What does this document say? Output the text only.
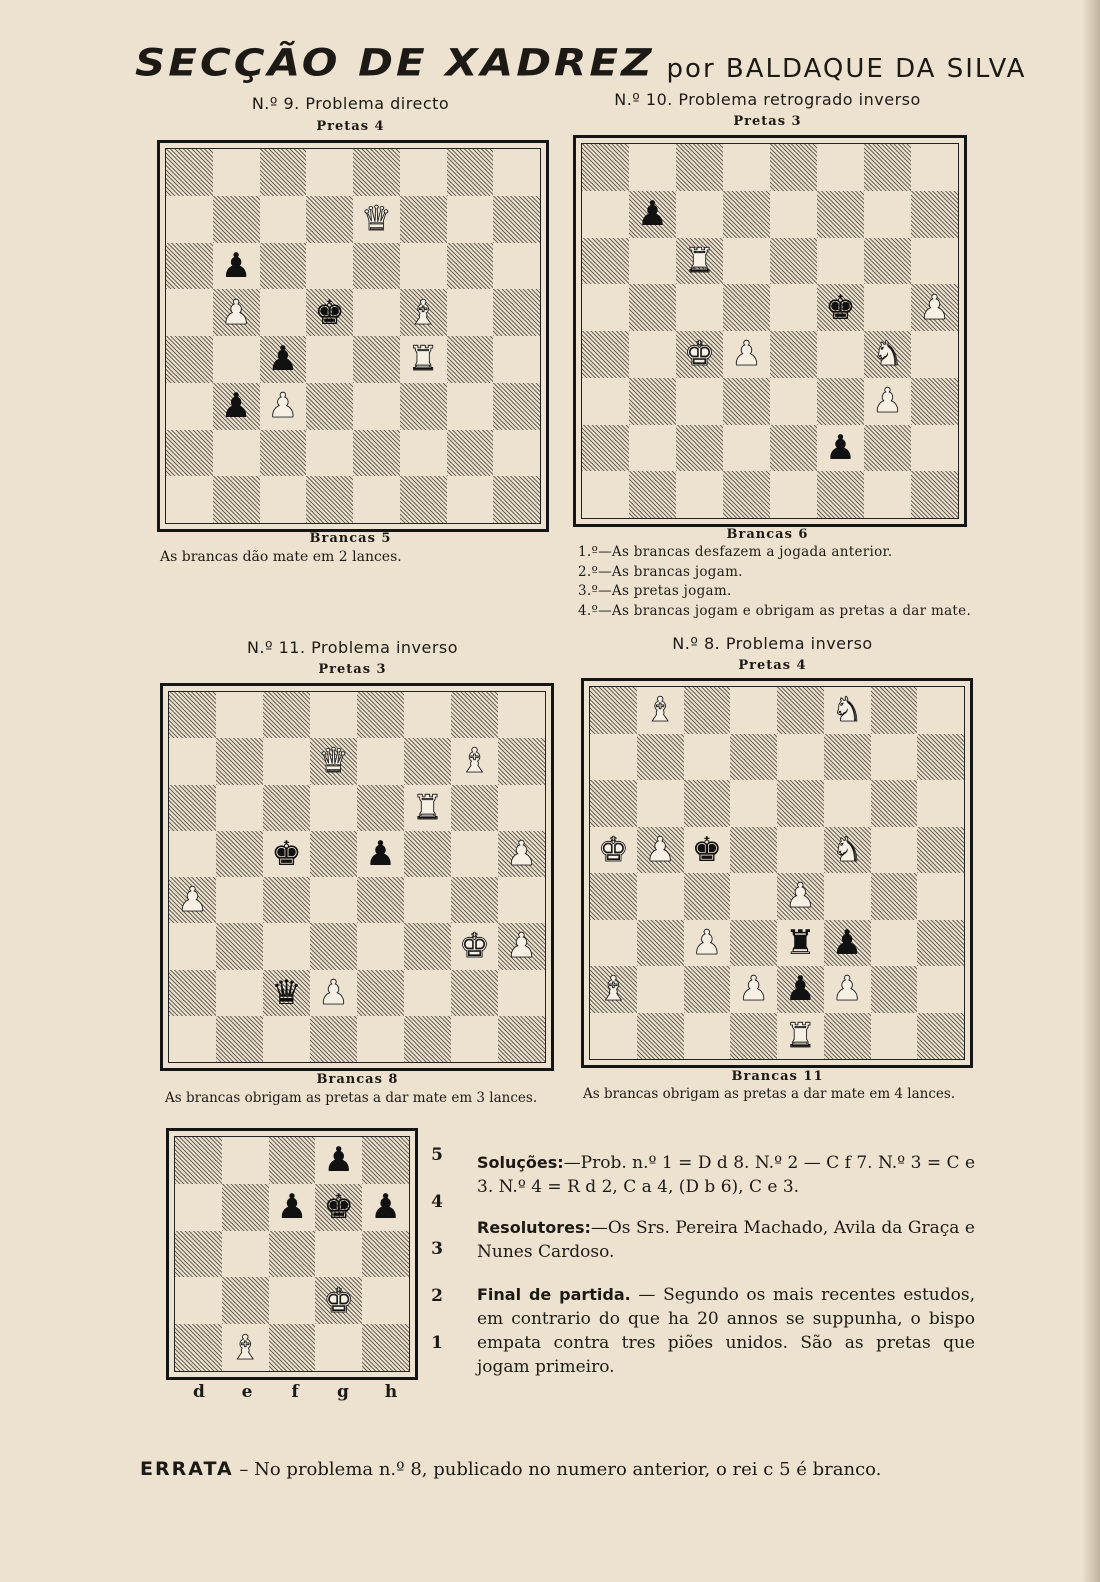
SECÇÃO DE XADREZ por BALDAQUE DA SILVA
N.º 9. Problema directo
Pretas 4
♛
♟
♟ ♚ ♝
♟	♜
♟ ♟
Brancas 5
As brancas dão mate em 2 lances.
N.º 10. Problema retrogrado inverso
Pretas 3
♟
♜
♚ ♟
♚ ♟	♞
♟
♟
Brancas 6
1.º—As brancas desfazem a jogada anterior.
2.º—As brancas jogam.
3.º—As pretas jogam.
4.º—As brancas jogam e obrigam as pretas a dar mate.
N.º 11. Problema inverso
Pretas 3
♛	♝
♜
♚ ♟	♟
♟
♚ ♟
♛ ♟
Brancas 8
As brancas obrigam as pretas a dar mate em 3 lances.
N.º 8. Problema inverso
Pretas 4
♝	♞
♚ ♟ ♚	♞
♟
♟ ♜ ♟
♝	♟ ♟ ♟
♜
Brancas 11
As brancas obrigam as pretas a dar mate em 4 lances.
♟
♟ ♚ ♟
♚
♝
5
4
3
2
1
d	e	f	g	h
Soluções:—Prob. n.º 1 = D d 8. N.º 2 — C f 7. N.º 3 = C e 3. N.º 4 = R d 2, C a 4, (D b 6), C e 3.
Resolutores:—Os Srs. Pereira Machado, Avila da Graça e Nunes Cardoso.
Final de partida. — Segundo os mais recentes estudos, em contrario do que ha 20 annos se suppunha, o bispo empata contra tres piões unidos. São as pretas que jogam primeiro.
ERRATA – No problema n.º 8, publicado no numero anterior, o rei c 5 é branco.
